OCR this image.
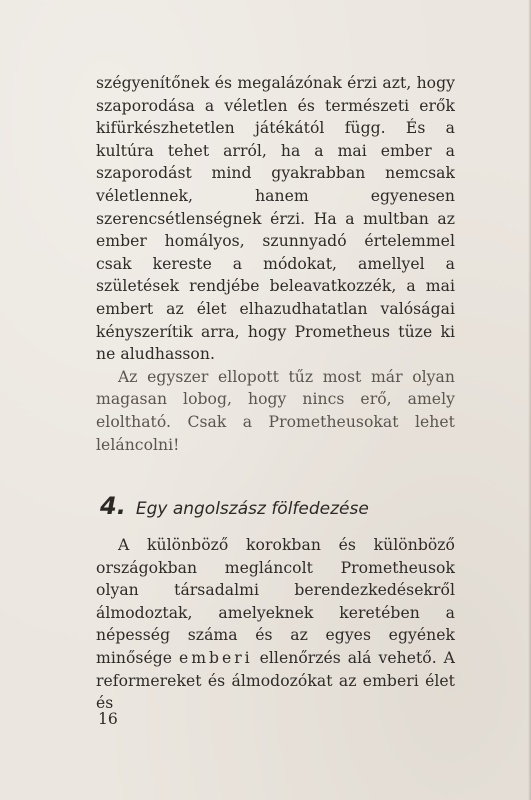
szégyenítőnek és megalázónak érzi azt, hogy szaporodása a véletlen és természeti erők kifürkészhetetlen játékától függ. És a kultúra tehet arról, ha a mai ember a szaporodást mind gyakrabban nemcsak véletlennek, hanem egyenesen szerencsétlenségnek érzi. Ha a multban az ember homályos, szunnyadó értelemmel csak kereste a módokat, amellyel a születések rendjébe beleavatkozzék, a mai embert az élet elhazudhatatlan valóságai kényszerítik arra, hogy Prometheus tüze ki ne aludhasson.

Az egyszer ellopott tűz most már olyan magasan lobog, hogy nincs erő, amely eloltható. Csak a Prometheusokat lehet leláncolni!

4. Egy angolszász fölfedezése

A különböző korokban és különböző országokban megláncolt Prometheusok olyan társadalmi berendezkedésekről álmodoztak, amelyeknek keretében a népesség száma és az egyes egyének minősége emberi ellenőrzés alá vehető. A reformereket és álmodozókat az emberi élet és

16
